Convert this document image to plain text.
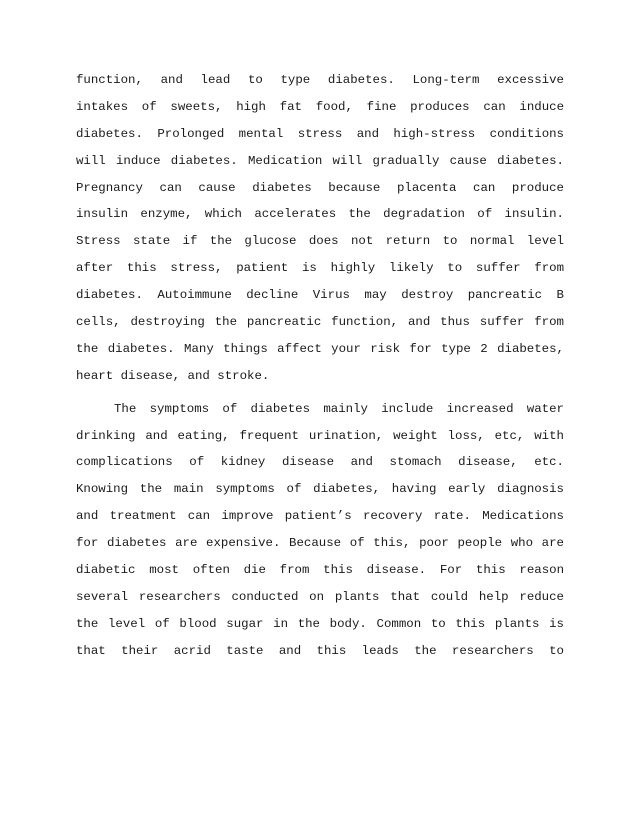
function, and lead to type diabetes. Long-term excessive
intakes of sweets, high fat food, fine produces can induce
diabetes. Prolonged mental stress and high-stress conditions
will induce diabetes. Medication will gradually cause diabetes.
Pregnancy can cause diabetes because placenta can produce
insulin enzyme, which accelerates the degradation of insulin.
Stress state if the glucose does not return to normal level
after this stress, patient is highly likely to suffer from
diabetes. Autoimmune decline Virus may destroy pancreatic B
cells, destroying the pancreatic function, and thus suffer from
the diabetes. Many things affect your risk for type 2 diabetes,
heart disease, and stroke.
The symptoms of diabetes mainly include increased water
drinking and eating, frequent urination, weight loss, etc, with
complications of kidney disease and stomach disease, etc.
Knowing the main symptoms of diabetes, having early diagnosis
and treatment can improve patient’s recovery rate. Medications
for diabetes are expensive. Because of this, poor people who are
diabetic most often die from this disease. For this reason
several researchers conducted on plants that could help reduce
the level of blood sugar in the body. Common to this plants is
that their acrid taste and this leads the researchers to
